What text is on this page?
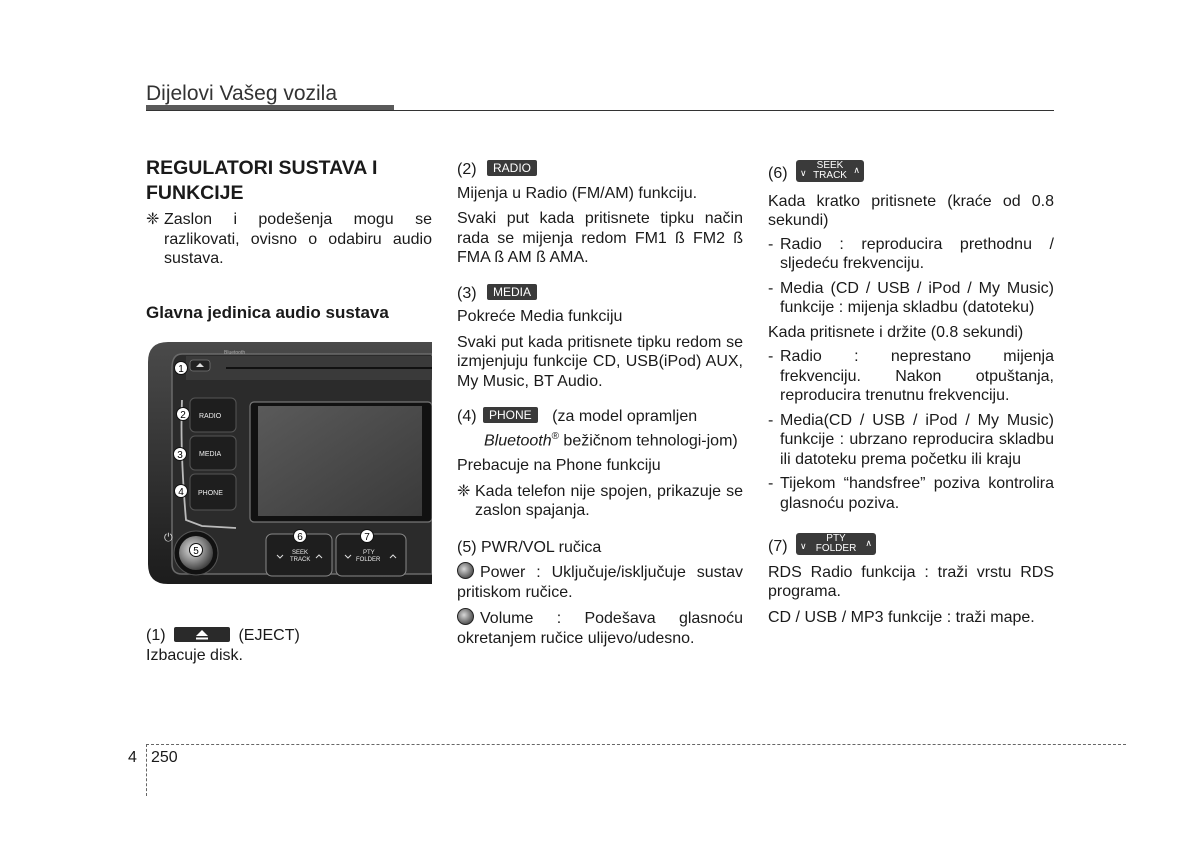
Dijelovi Vašeg vozila
REGULATORI SUSTAVA I FUNKCIJE
❈ Zaslon i podešenja mogu se razlikovati, ovisno o odabiru audio sustava.
Glavna jedinica audio sustava
Bluetooth
RADIO
MEDIA
PHONE
SEEK
TRACK
PTY
FOLDER
⏻
1
2
3
4
5
6	7
(1)	(EJECT)
Izbacuje disk.
(2) RADIO

Mijenja u Radio (FM/AM) funkciju.

Svaki put kada pritisnete tipku način rada se mijenja redom FM1 ß FM2 ß FMA ß AM ß AMA.

(3) MEDIA

Pokreće Media funkciju

Svaki put kada pritisnete tipku redom se izmjenjuju funkcije CD, USB(iPod) AUX, My Music, BT Audio.

(4) PHONE (za model opramljen
Bluetooth® bežičnom tehnologi-jom)

Prebacuje na Phone funkciju

❈ Kada telefon nije spojen, prikazuje se zaslon spajanja.
(5) PWR/VOL ručica

Power : Uključuje/isključuje sustav pritiskom ručice.

Volume : Podešava glasnoću okretanjem ručice ulijevo/udesno.

(6) ∨
SEEK
TRACK ∧

Kada kratko pritisnete (kraće od 0.8 sekundi)

- Radio : reproducira prethodnu / sljedeću frekvenciju.
- Media (CD / USB / iPod / My Music) funkcije : mijenja skladbu (datoteku)

Kada pritisnete i držite (0.8 sekundi)

- Radio : neprestano mijenja frekvenciju. Nakon otpuštanja, reproducira trenutnu frekvenciju.
- Media(CD / USB / iPod / My Music) funkcije : ubrzano reproducira skladbu ili datoteku prema početku ili kraju
- Tijekom “handsfree” poziva kontrolira glasnoću poziva.
(7) ∨
PTY
FOLDER	∧

RDS Radio funkcija : traži vrstu RDS programa.

CD / USB / MP3 funkcije : traži mape.

4 250
